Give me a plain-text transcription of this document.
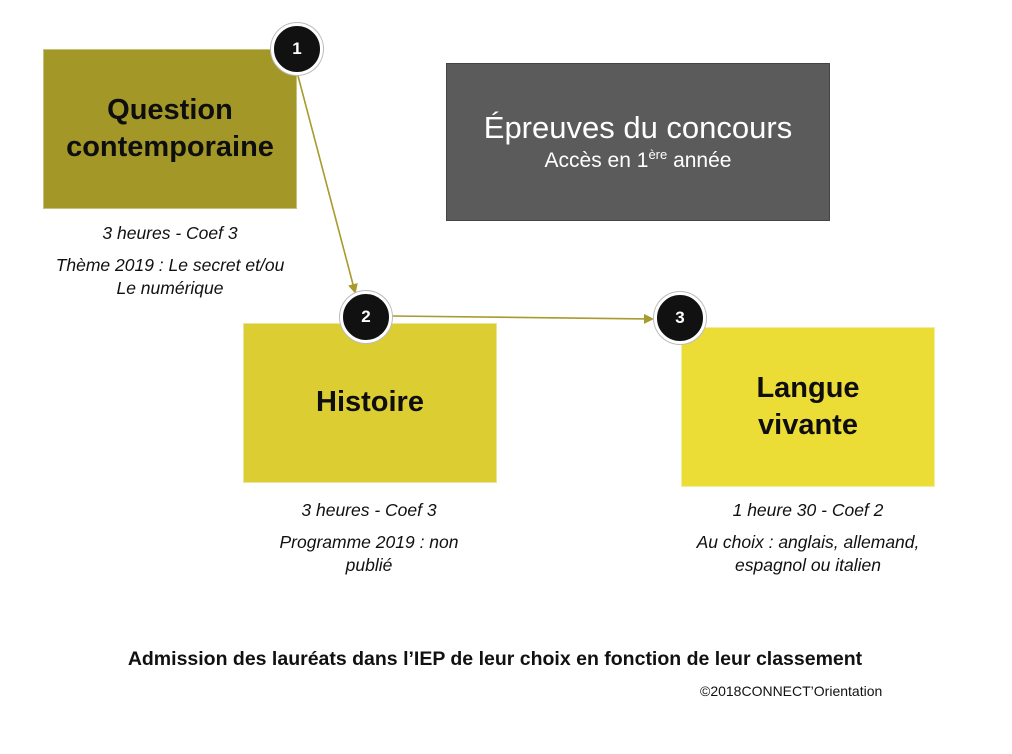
Question contemporaine
Épreuves du concours
Accès en 1ère année
Histoire	Langue vivante
1
2	3
3 heures - Coef 3
Thème 2019 : Le secret et/ou Le numérique
3 heures - Coef 3
Programme 2019 : non publié
1 heure 30 - Coef 2
Au choix : anglais, allemand, espagnol ou italien
Admission des lauréats dans l’IEP de leur choix en fonction de leur classement
©2018CONNECT’Orientation
